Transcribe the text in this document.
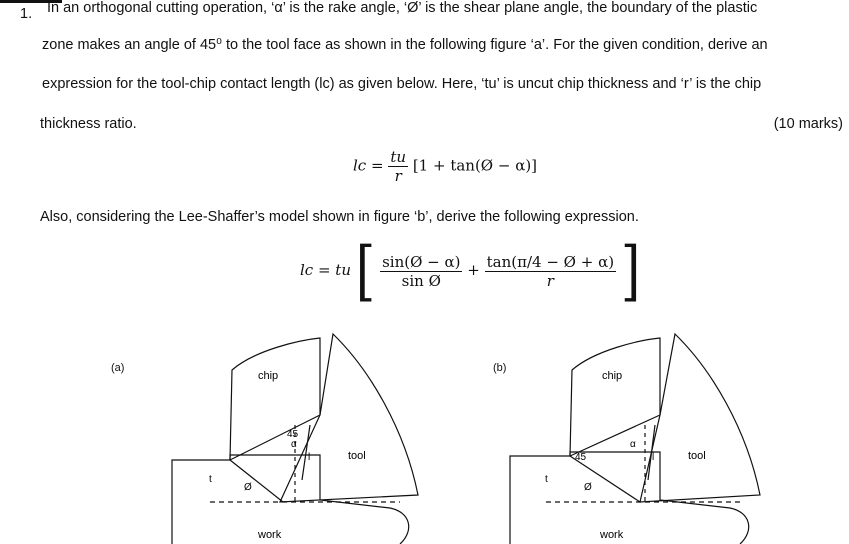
1. In an orthogonal cutting operation, ‘α’ is the rake angle, ‘Ø’ is the shear plane angle, the boundary of the plastic
zone makes an angle of 45⁰ to the tool face as shown in the following figure ‘a’. For the given condition, derive an
expression for the tool-chip contact length (lc) as given below. Here, ‘tu’ is uncut chip thickness and ‘r’ is the chip
thickness ratio.	(10 marks)
lc = $\frac{tu}{r} [1$ + tan(Ø − α)]
Also, considering the Lee-Shaffer’s model shown in figure ‘b’, derive the following expression.
lc = tu [ $\frac{\sin(Ø - \alpha)}{\text{sin Ø}} + \frac{\tan(\pi/4 - Ø + \alpha)}{r}$ ]
(a)
chip
tool
work
45
α
Ø
t
l
(b)
chip
tool
work
45
α
Ø
t
l
